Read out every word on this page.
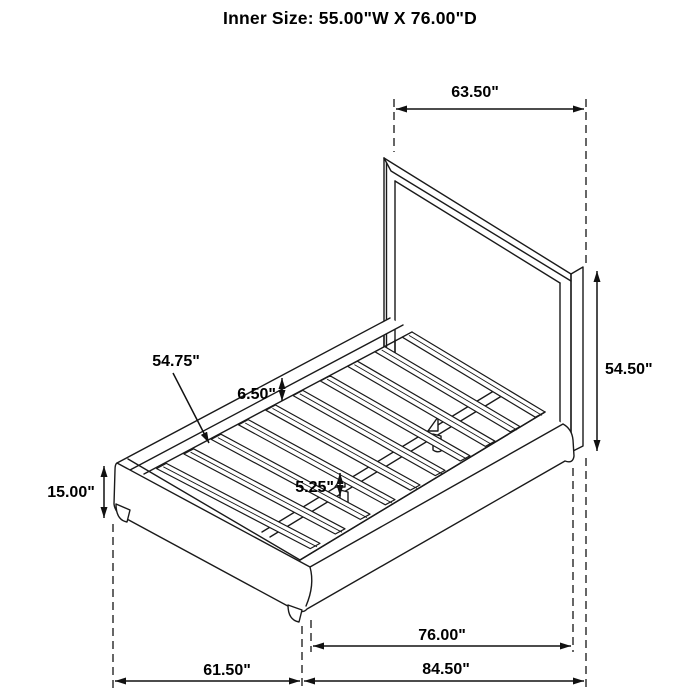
Inner Size: 55.00"W X 76.00"D
63.50"
54.50"
15.00"
6.50"
5.25"
76.00"
61.50"	84.50"
54.75"
